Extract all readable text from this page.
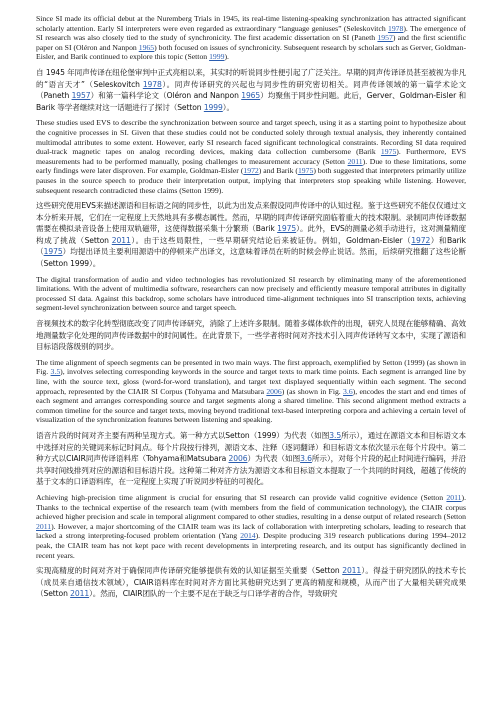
Since SI made its official debut at the Nuremberg Trials in 1945, its real-time listening-speaking synchronization has attracted significant scholarly attention. Early SI interpreters were even regarded as extraordinary “language geniuses” (Seleskovitch 1978). The emergence of SI research was also closely tied to the study of synchronicity. The first academic dissertation on SI (Paneth 1957) and the first scientific paper on SI (Oléron and Nanpon 1965) both focused on issues of synchronicity. Subsequent research by scholars such as Gerver, Goldman-Eisler, and Barik continued to explore this topic (Setton 1999).

自 1945 年同声传译在纽伦堡审判中正式亮相以来，其实时的听说同步性便引起了广泛关注。早期的同声传译译员甚至被视为非凡的“语言天才”（Seleskovitch 1978）。同声传译研究的兴起也与同步性的研究密切相关。同声传译领域的第一篇学术论文（Paneth 1957）和第一篇科学论文（Oléron and Nanpon 1965）均聚焦于同步性问题。此后，Gerver、Goldman-Eisler 和 Barik 等学者继续对这一话题进行了探讨（Setton 1999）。

These studies used EVS to describe the synchronization between source and target speech, using it as a starting point to hypothesize about the cognitive processes in SI. Given that these studies could not be conducted solely through textual analysis, they inherently contained multimodal attributes to some extent. However, early SI research faced significant technological constraints. Recording SI data required dual-track magnetic tapes on analog recording devices, making data collection cumbersome (Barik 1975). Furthermore, EVS measurements had to be performed manually, posing challenges to measurement accuracy (Setton 2011). Due to these limitations, some early findings were later disproven. For example, Goldman-Eisler (1972) and Barik (1975) both suggested that interpreters primarily utilize pauses in the source speech to produce their interpretation output, implying that interpreters stop speaking while listening. However, subsequent research contradicted these claims (Setton 1999).

这些研究使用EVS来描述源语和目标语之间的同步性，以此为出发点来假设同声传译中的认知过程。鉴于这些研究不能仅仅通过文本分析来开展，它们在一定程度上天然地具有多模态属性。然而，早期的同声传译研究面临着重大的技术限制。录制同声传译数据需要在模拟录音设备上使用双轨磁带，这使得数据采集十分繁琐（Barik 1975）。此外，EVS的测量必须手动进行，这对测量精度构成了挑战（Setton 2011）。由于这些局限性，一些早期研究结论后来被证伪。例如，Goldman-Eisler（1972）和Barik（1975）均提出译员主要利用源语中的停顿来产出译文，这意味着译员在听的时候会停止说话。然而，后续研究推翻了这些论断（Setton 1999）。

The digital transformation of audio and video technologies has revolutionized SI research by eliminating many of the aforementioned limitations. With the advent of multimedia software, researchers can now precisely and efficiently measure temporal attributes in digitally processed SI data. Against this backdrop, some scholars have introduced time-alignment techniques into SI transcription texts, achieving segment-level synchronization between source and target speech.

音视频技术的数字化转型彻底改变了同声传译研究，消除了上述许多限制。随着多媒体软件的出现，研究人员现在能够精确、高效地测量数字化处理的同声传译数据中的时间属性。在此背景下，一些学者将时间对齐技术引入同声传译转写文本中，实现了源语和目标语段落级别的同步。

The time alignment of speech segments can be presented in two main ways. The first approach, exemplified by Setton (1999) (as shown in Fig. 3.5), involves selecting corresponding keywords in the source and target texts to mark time points. Each segment is arranged line by line, with the source text, gloss (word-for-word translation), and target text displayed sequentially within each segment. The second approach, represented by the CIAIR SI Corpus (Tohyama and Matsubara 2006) (as shown in Fig. 3.6), encodes the start and end times of each segment and arranges corresponding source and target segments along a shared timeline. This second alignment method extracts a common timeline for the source and target texts, moving beyond traditional text-based interpreting corpora and achieving a certain level of visualization of the synchronization features between listening and speaking.

语音片段的时间对齐主要有两种呈现方式。第一种方式以Setton（1999）为代表（如图3.5所示），通过在源语文本和目标语文本中选择对应的关键词来标记时间点。每个片段按行排列，源语文本、注释（逐词翻译）和目标语文本依次显示在每个片段中。第二种方式以CIAIR同声传译语料库（Tohyama和Matsubara 2006）为代表（如图3.6所示），对每个片段的起止时间进行编码，并沿共享时间线排列对应的源语和目标语片段。这种第二种对齐方法为源语文本和目标语文本提取了一个共同的时间线，超越了传统的基于文本的口译语料库，在一定程度上实现了听说同步特征的可视化。

Achieving high-precision time alignment is crucial for ensuring that SI research can provide valid cognitive evidence (Setton 2011). Thanks to the technical expertise of the research team (with members from the field of communication technology), the CIAIR corpus achieved higher precision and scale in temporal alignment compared to other studies, resulting in a dense output of related research (Setton 2011). However, a major shortcoming of the CIAIR team was its lack of collaboration with interpreting scholars, leading to research that lacked a strong interpreting-focused problem orientation (Yang 2014). Despite producing 319 research publications during 1994–2012 peak, the CIAIR team has not kept pace with recent developments in interpreting research, and its output has significantly declined in recent years.

实现高精度的时间对齐对于确保同声传译研究能够提供有效的认知证据至关重要（Setton 2011）。得益于研究团队的技术专长（成员来自通信技术领域），CIAIR语料库在时间对齐方面比其他研究达到了更高的精度和规模，从而产出了大量相关研究成果（Setton 2011）。然而，CIAIR团队的一个主要不足在于缺乏与口译学者的合作，导致研究
